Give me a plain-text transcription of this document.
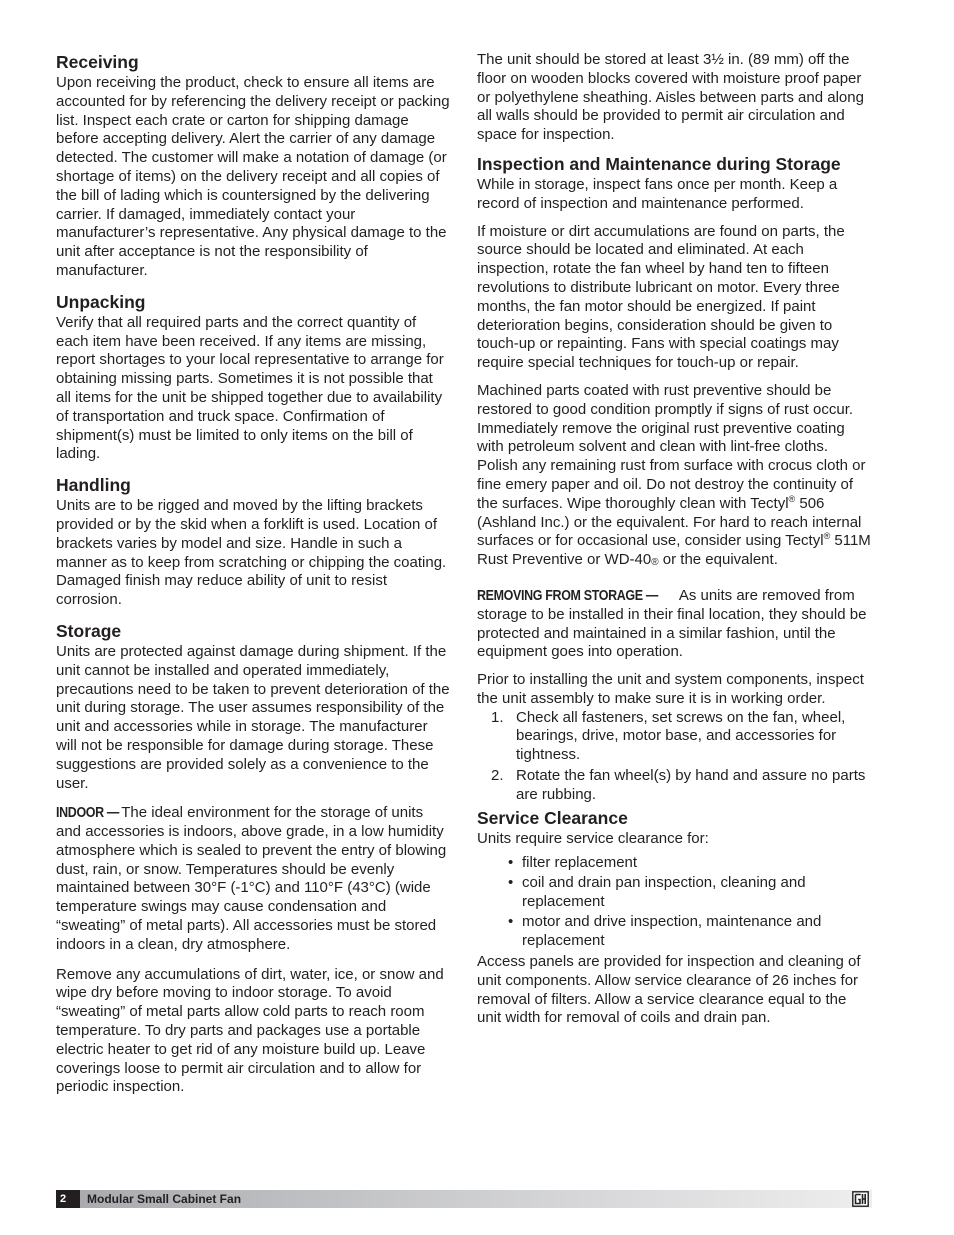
Receiving

Upon receiving the product, check to ensure all items are accounted for by referencing the delivery receipt or packing list. Inspect each crate or carton for shipping damage before accepting delivery. Alert the carrier of any damage detected. The customer will make a notation of damage (or shortage of items) on the delivery receipt and all copies of the bill of lading which is countersigned by the delivering carrier. If damaged, immediately contact your manufacturer’s representative. Any physical damage to the unit after acceptance is not the responsibility of manufacturer.

Unpacking

Verify that all required parts and the correct quantity of each item have been received. If any items are missing, report shortages to your local representative to arrange for obtaining missing parts. Sometimes it is not possible that all items for the unit be shipped together due to availability of transportation and truck space. Confirmation of shipment(s) must be limited to only items on the bill of lading.

Handling

Units are to be rigged and moved by the lifting brackets provided or by the skid when a forklift is used. Location of brackets varies by model and size. Handle in such a manner as to keep from scratching or chipping the coating. Damaged finish may reduce ability of unit to resist corrosion.

Storage

Units are protected against damage during shipment. If the unit cannot be installed and operated immediately, precautions need to be taken to prevent deterioration of the unit during storage. The user assumes responsibility of the unit and accessories while in storage. The manufacturer will not be responsible for damage during storage. These suggestions are provided solely as a convenience to the user.

INDOOR — The ideal environment for the storage of units and accessories is indoors, above grade, in a low humidity atmosphere which is sealed to prevent the entry of blowing dust, rain, or snow. Temperatures should be evenly maintained between 30°F (-1°C) and 110°F (43°C) (wide temperature swings may cause condensation and “sweating” of metal parts). All accessories must be stored indoors in a clean, dry atmosphere.

Remove any accumulations of dirt, water, ice, or snow and wipe dry before moving to indoor storage. To avoid “sweating” of metal parts allow cold parts to reach room temperature. To dry parts and packages use a portable electric heater to get rid of any moisture build up. Leave coverings loose to permit air circulation and to allow for periodic inspection.

The unit should be stored at least 3½ in. (89 mm) off the floor on wooden blocks covered with moisture proof paper or polyethylene sheathing. Aisles between parts and along all walls should be provided to permit air circulation and space for inspection.

Inspection and Maintenance during Storage

While in storage, inspect fans once per month. Keep a record of inspection and maintenance performed.

If moisture or dirt accumulations are found on parts, the source should be located and eliminated. At each inspection, rotate the fan wheel by hand ten to fifteen revolutions to distribute lubricant on motor. Every three months, the fan motor should be energized. If paint deterioration begins, consideration should be given to touch-up or repainting. Fans with special coatings may require special techniques for touch-up or repair.

Machined parts coated with rust preventive should be restored to good condition promptly if signs of rust occur. Immediately remove the original rust preventive coating with petroleum solvent and clean with lint-free cloths. Polish any remaining rust from surface with crocus cloth or fine emery paper and oil. Do not destroy the continuity of the surfaces. Wipe thoroughly clean with Tectyl® 506 (Ashland Inc.) or the equivalent. For hard to reach internal surfaces or for occasional use, consider using Tectyl® 511M Rust Preventive or WD-40® or the equivalent.

REMOVING FROM STORAGE — As units are removed from storage to be installed in their final location, they should be protected and maintained in a similar fashion, until the equipment goes into operation.

Prior to installing the unit and system components, inspect the unit assembly to make sure it is in working order.

1. Check all fasteners, set screws on the fan, wheel, bearings, drive, motor base, and accessories for tightness.
2. Rotate the fan wheel(s) by hand and assure no parts are rubbing.
Service Clearance

Units require service clearance for:

• filter replacement
• coil and drain pan inspection, cleaning and replacement
• motor and drive inspection, maintenance and replacement

Access panels are provided for inspection and cleaning of unit components. Allow service clearance of 26 inches for removal of filters. Allow a service clearance equal to the unit width for removal of coils and drain pan.

2	Modular Small Cabinet Fan
